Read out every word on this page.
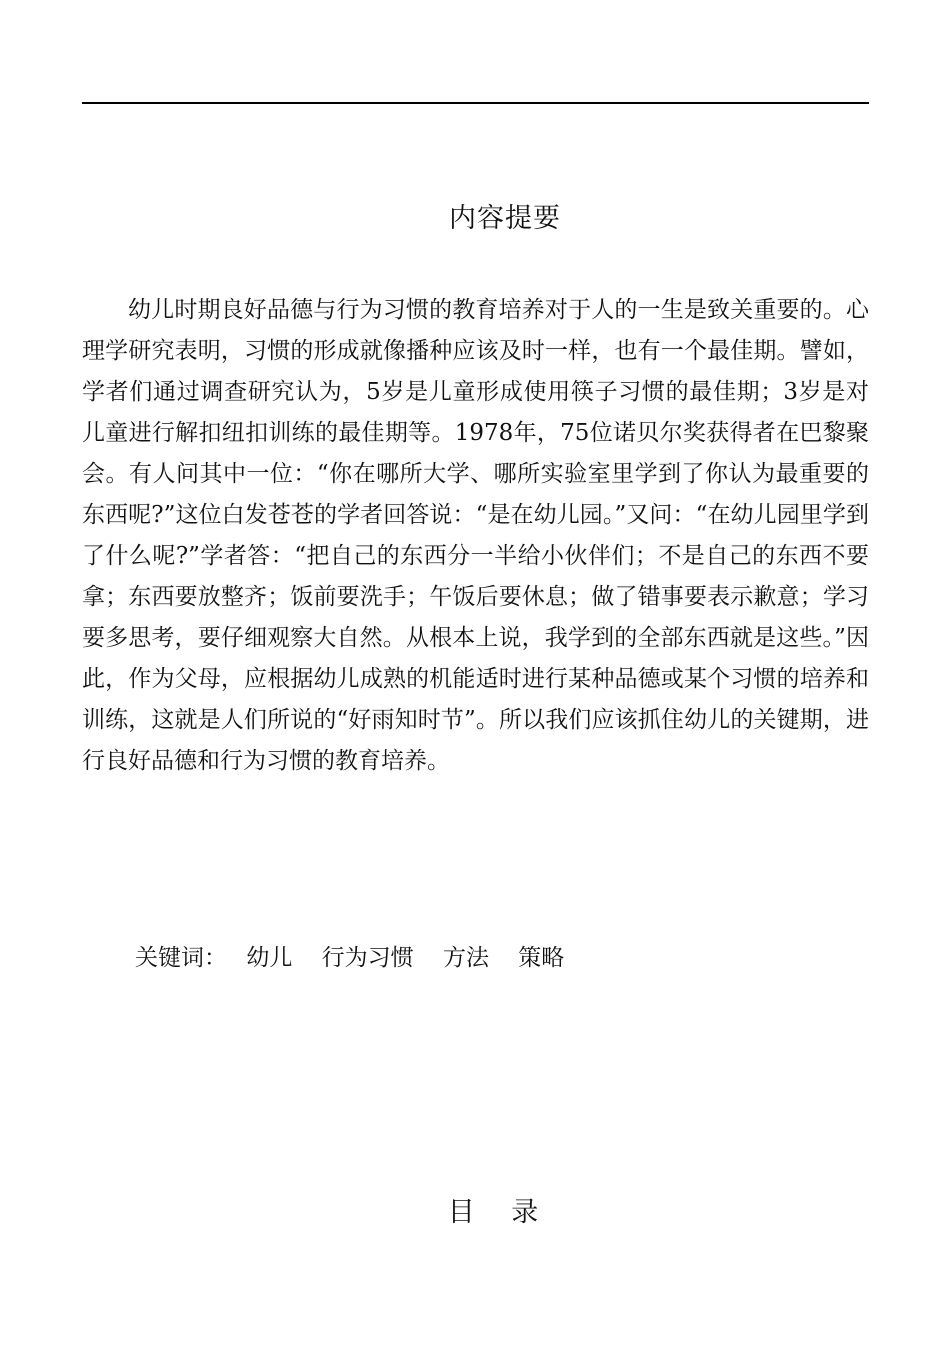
内容提要

幼儿时期良好品德与行为习惯的教育培养对于人的一生是致关重要的。心理学研究表明，习惯的形成就像播种应该及时一样，也有一个最佳期。譬如，学者们通过调查研究认为，5岁是儿童形成使用筷子习惯的最佳期；3岁是对儿童进行解扣纽扣训练的最佳期等。1978年，75位诺贝尔奖获得者在巴黎聚会。有人问其中一位：“你在哪所大学、哪所实验室里学到了你认为最重要的东西呢?”这位白发苍苍的学者回答说：“是在幼儿园。”又问：“在幼儿园里学到了什么呢?”学者答：“把自己的东西分一半给小伙伴们；不是自己的东西不要拿；东西要放整齐；饭前要洗手；午饭后要休息；做了错事要表示歉意；学习要多思考，要仔细观察大自然。从根本上说，我学到的全部东西就是这些。”因此，作为父母，应根据幼儿成熟的机能适时进行某种品德或某个习惯的培养和训练，这就是人们所说的“好雨知时节”。所以我们应该抓住幼儿的关键期，进行良好品德和行为习惯的教育培养。

关键词： 幼儿 行为习惯 方法 策略
目 录
